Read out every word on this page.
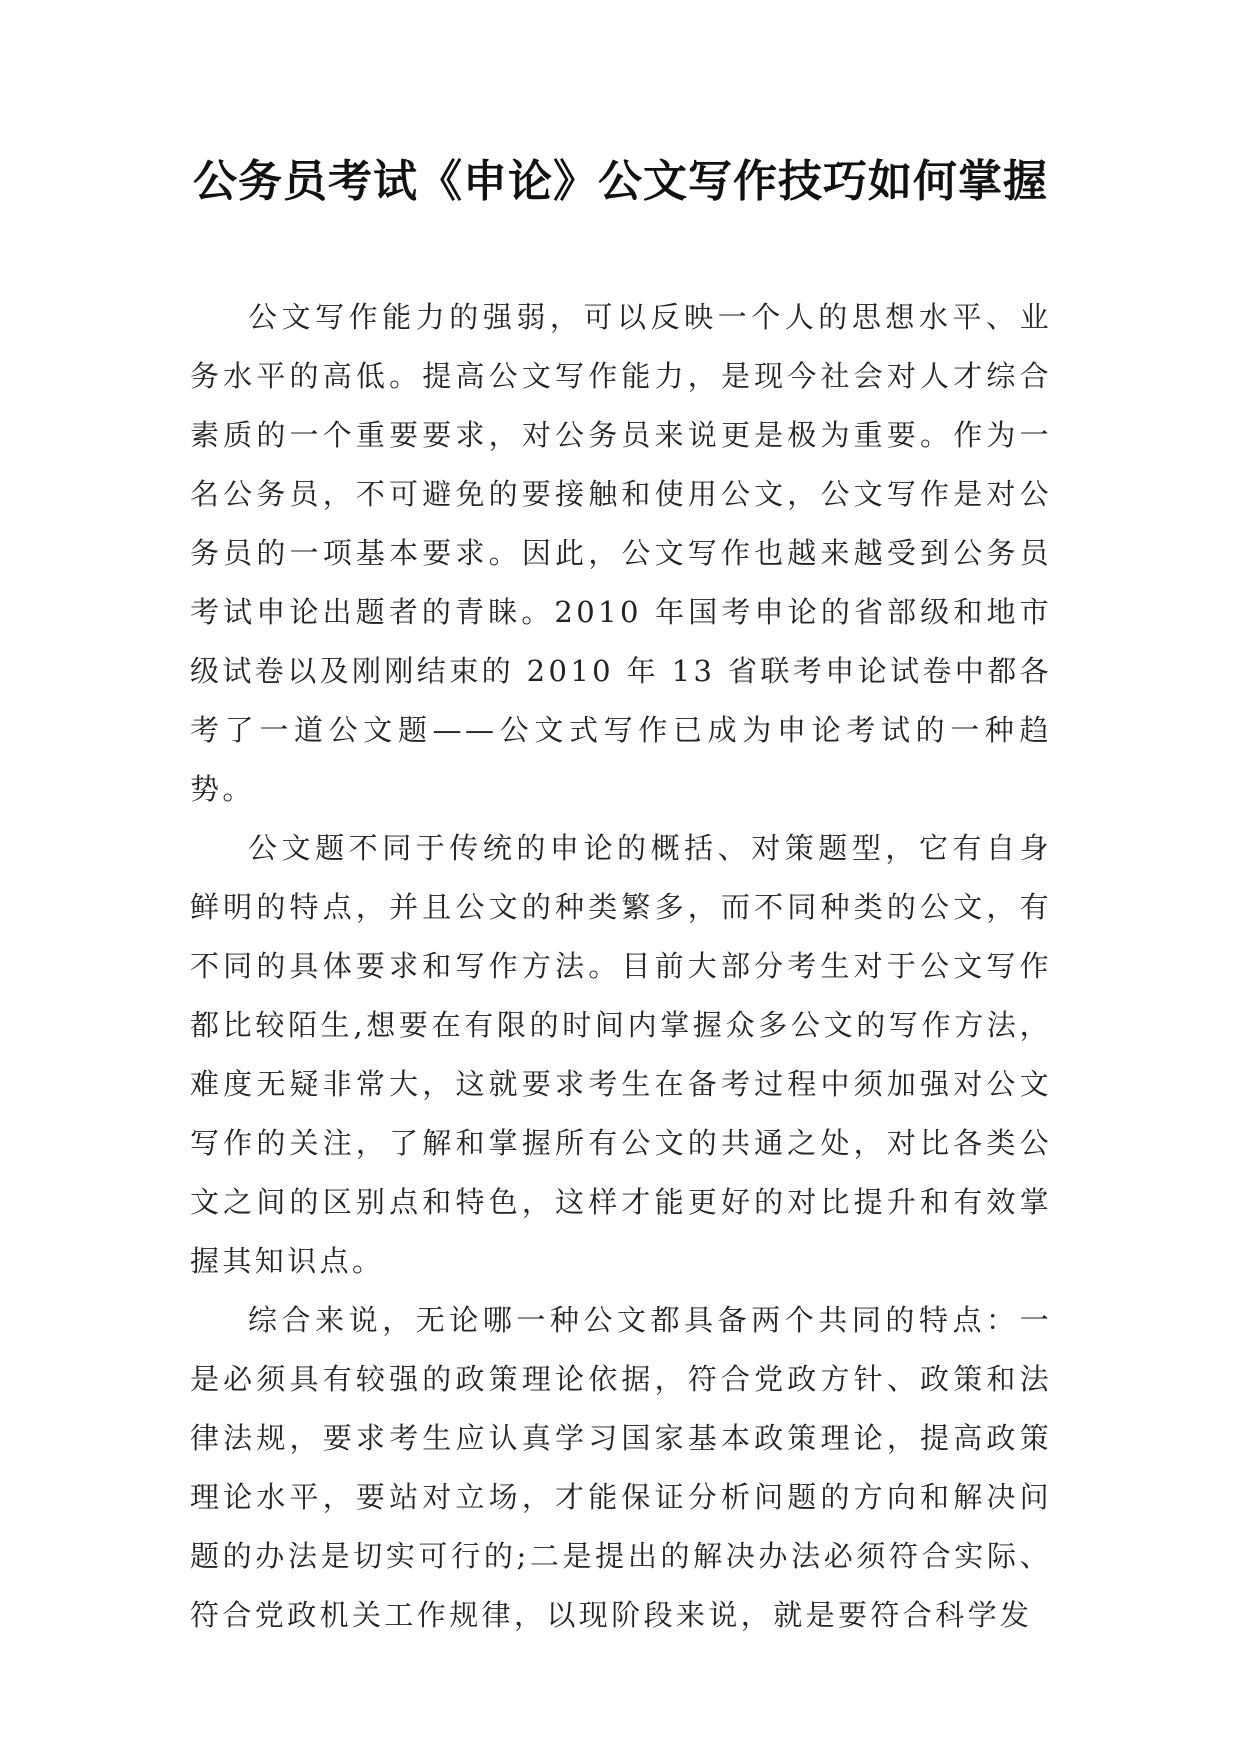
公务员考试《申论》公文写作技巧如何掌握

公文写作能力的强弱，可以反映一个人的思想水平、业务水平的高低。提高公文写作能力，是现今社会对人才综合素质的一个重要要求，对公务员来说更是极为重要。作为一名公务员，不可避免的要接触和使用公文，公文写作是对公务员的一项基本要求。因此，公文写作也越来越受到公务员考试申论出题者的青睐。2010 年国考申论的省部级和地市级试卷以及刚刚结束的 2010 年 13 省联考申论试卷中都各考了一道公文题——公文式写作已成为申论考试的一种趋势。

公文题不同于传统的申论的概括、对策题型，它有自身鲜明的特点，并且公文的种类繁多，而不同种类的公文，有不同的具体要求和写作方法。目前大部分考生对于公文写作都比较陌生,想要在有限的时间内掌握众多公文的写作方法，难度无疑非常大，这就要求考生在备考过程中须加强对公文写作的关注，了解和掌握所有公文的共通之处，对比各类公文之间的区别点和特色，这样才能更好的对比提升和有效掌握其知识点。

综合来说，无论哪一种公文都具备两个共同的特点：一是必须具有较强的政策理论依据，符合党政方针、政策和法律法规，要求考生应认真学习国家基本政策理论，提高政策理论水平，要站对立场，才能保证分析问题的方向和解决问题的办法是切实可行的;二是提出的解决办法必须符合实际、符合党政机关工作规律，以现阶段来说，就是要符合科学发
